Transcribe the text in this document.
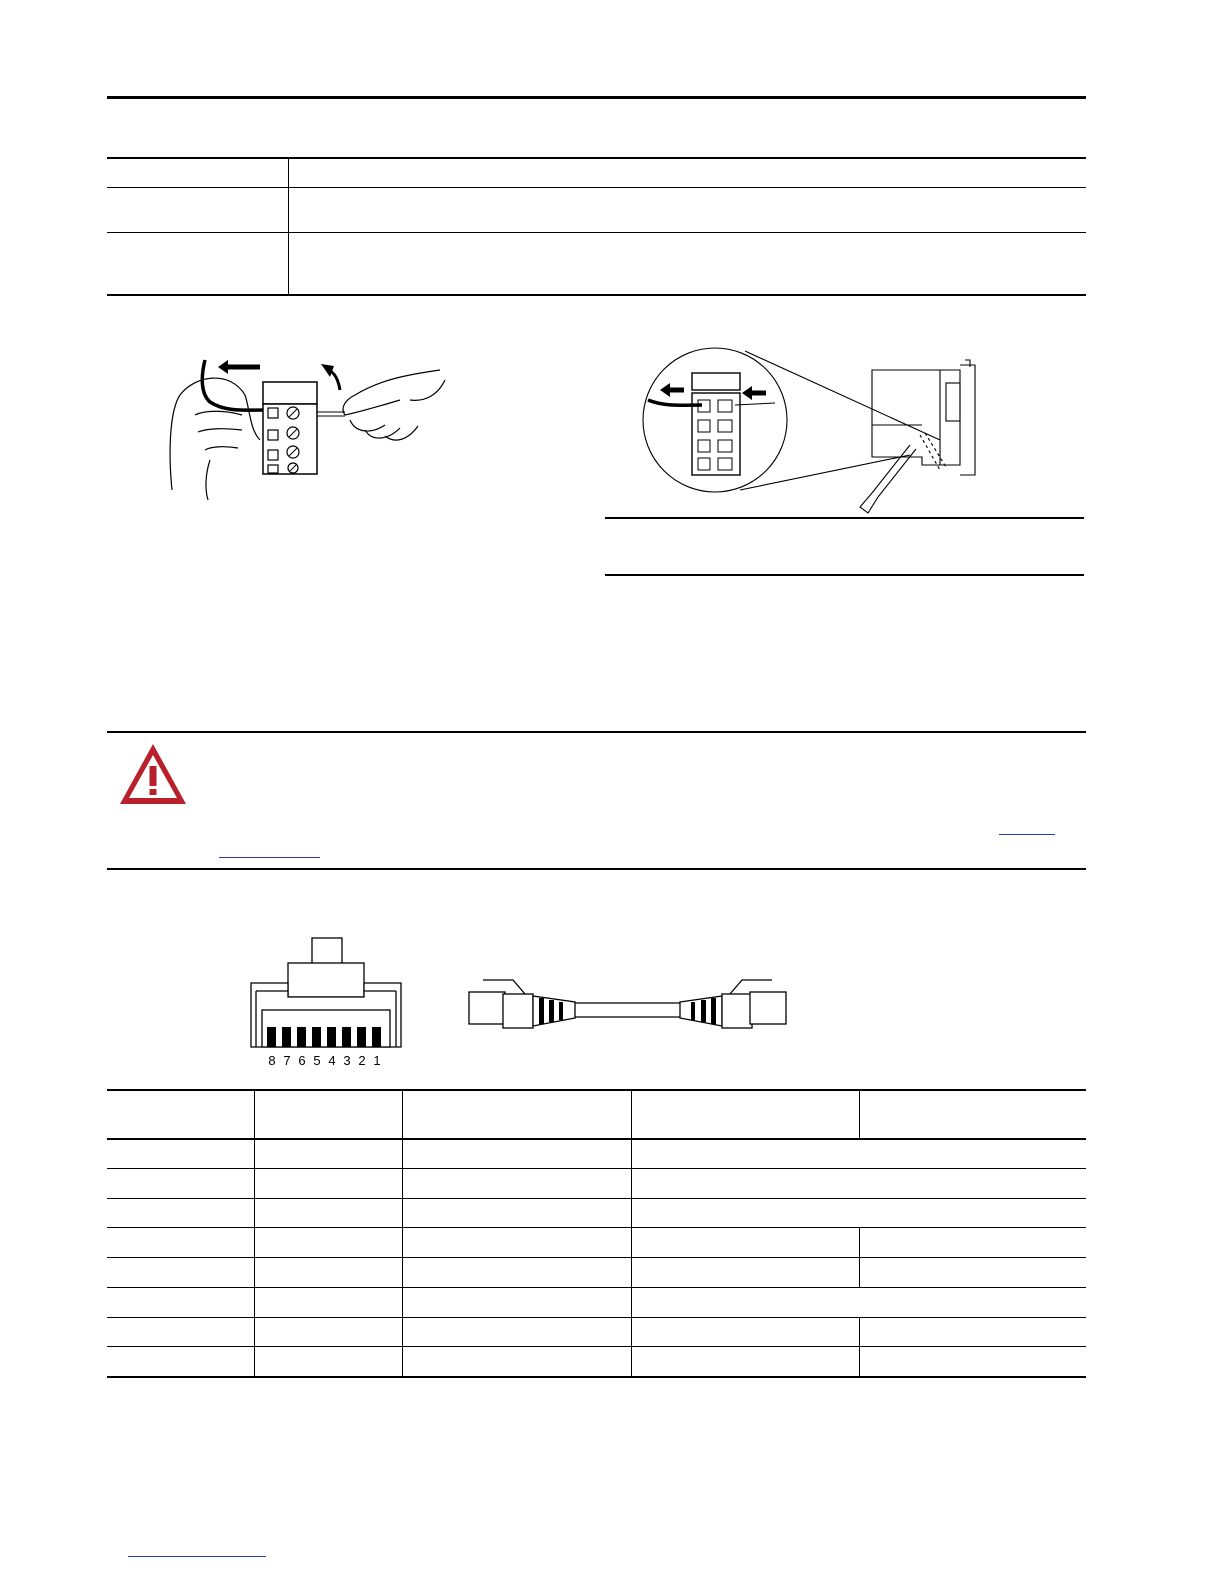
8 7 6 5 4 3 2 1
